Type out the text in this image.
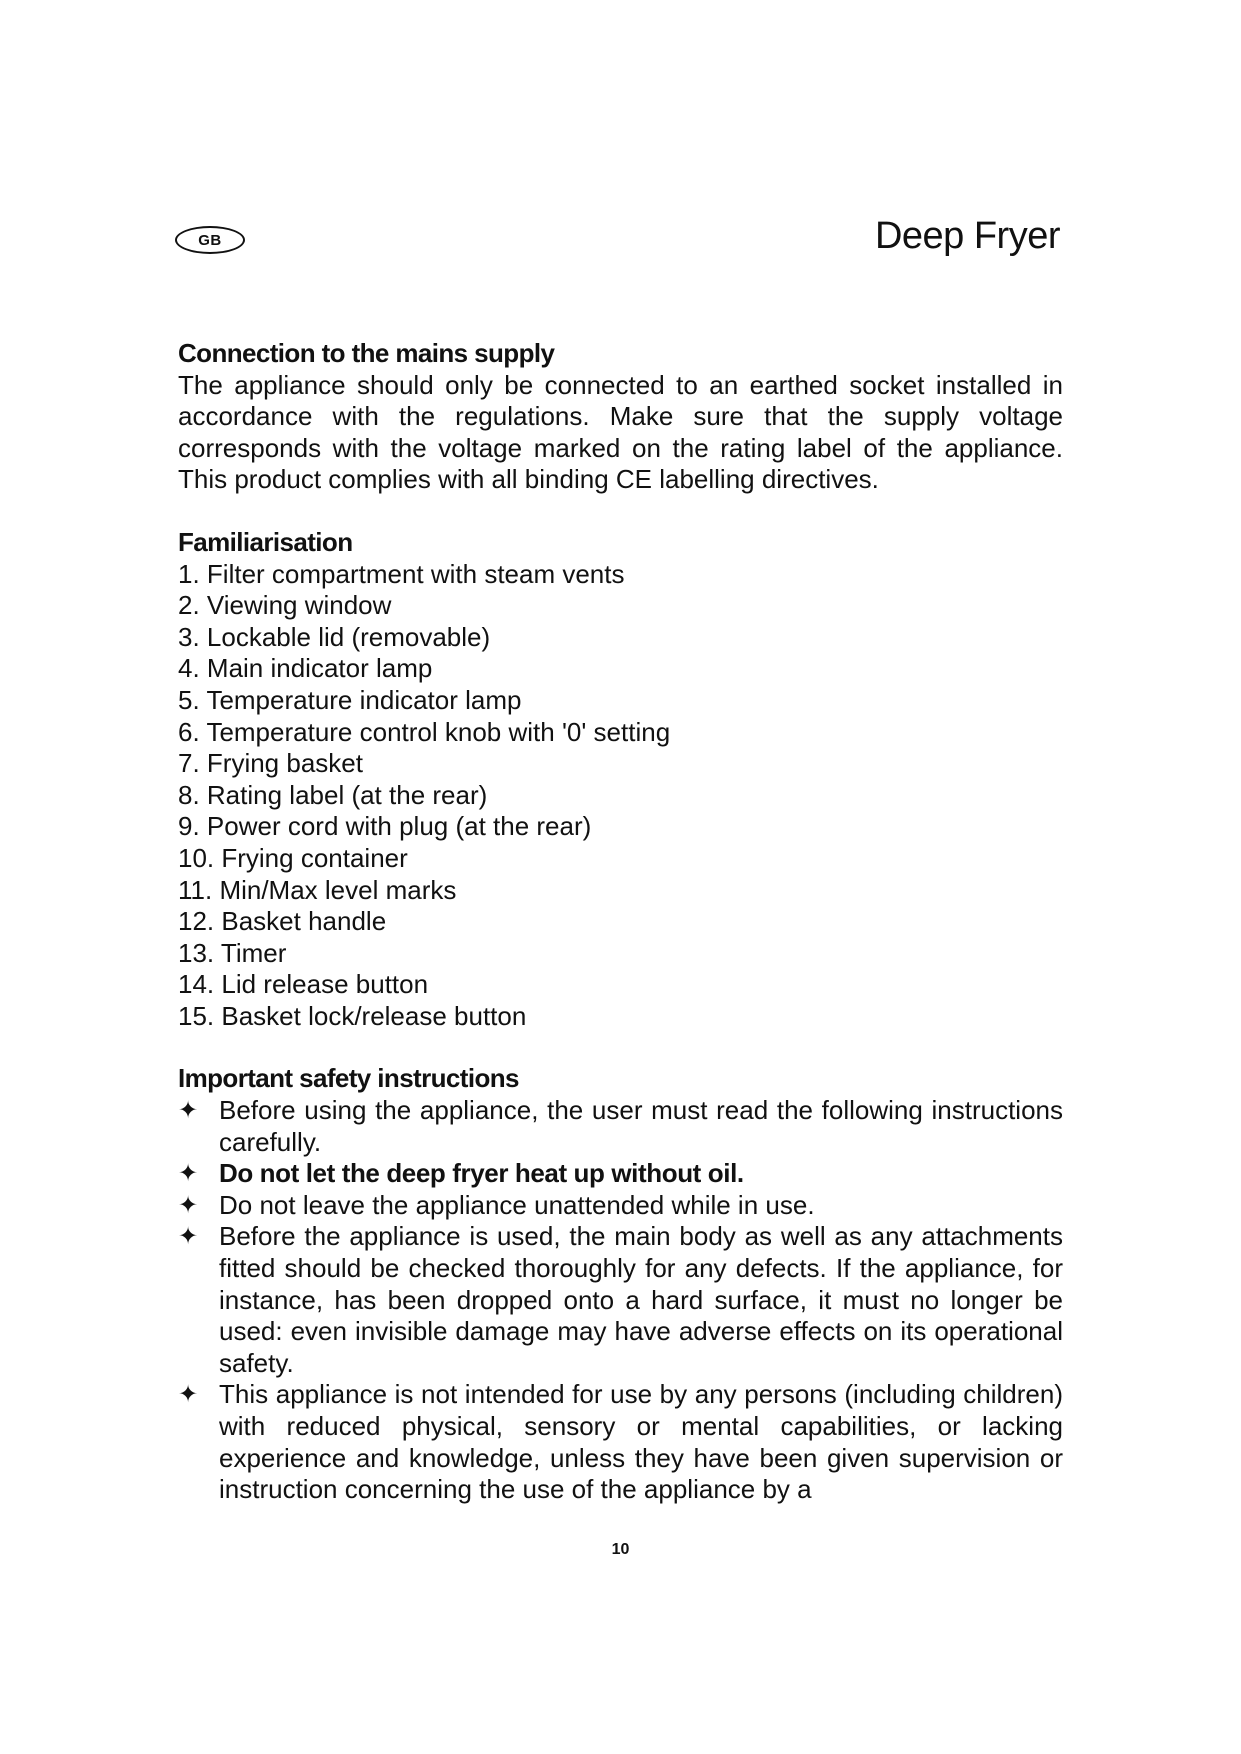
GB	Deep Fryer
Connection to the mains supply

The appliance should only be connected to an earthed socket installed in accordance with the regulations. Make sure that the supply voltage corresponds with the voltage marked on the rating label of the appliance. This product complies with all binding CE labelling directives.

Familiarisation
1. Filter compartment with steam vents
2. Viewing window
3. Lockable lid (removable)
4. Main indicator lamp
5. Temperature indicator lamp
6. Temperature control knob with '0' setting
7. Frying basket
8. Rating label (at the rear)
9. Power cord with plug (at the rear)
10. Frying container
11. Min/Max level marks
12. Basket handle
13. Timer
14. Lid release button
15. Basket lock/release button
Important safety instructions
✦ Before using the appliance, the user must read the following instructions carefully.
✦ Do not let the deep fryer heat up without oil.
✦ Do not leave the appliance unattended while in use.
✦ Before the appliance is used, the main body as well as any attachments fitted should be checked thoroughly for any defects. If the appliance, for instance, has been dropped onto a hard surface, it must no longer be used: even invisible damage may have adverse effects on its operational safety.
✦ This appliance is not intended for use by any persons (including children) with reduced physical, sensory or mental capabilities, or lacking experience and knowledge, unless they have been given supervision or instruction concerning the use of the appliance by a
10
